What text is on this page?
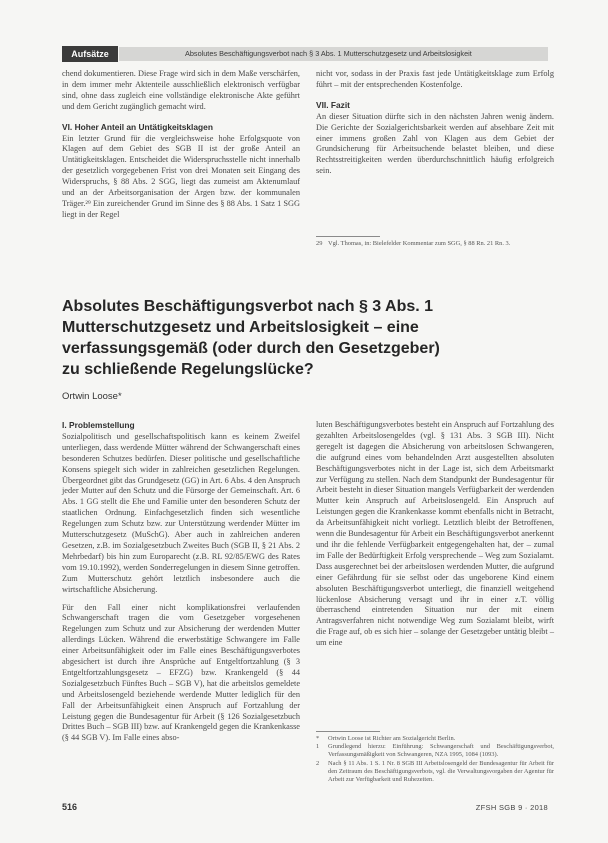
Aufsätze	Absolutes Beschäftigungsverbot nach § 3 Abs. 1 Mutterschutzgesetz und Arbeitslosigkeit

chend dokumentieren. Diese Frage wird sich in dem Maße verschärfen, in dem immer mehr Aktenteile ausschließlich elektronisch verfügbar sind, ohne dass zugleich eine vollständige elektronische Akte geführt und dem Gericht zugänglich gemacht wird.

VI. Hoher Anteil an Untätigkeitsklagen

Ein letzter Grund für die vergleichsweise hohe Erfolgsquote von Klagen auf dem Gebiet des SGB II ist der große Anteil an Untätigkeitsklagen. Entscheidet die Widerspruchsstelle nicht innerhalb der gesetzlich vorgegebenen Frist von drei Monaten seit Eingang des Widerspruchs, § 88 Abs. 2 SGG, liegt das zumeist am Aktenumlauf und an der Arbeitsorganisation der Argen bzw. der kommunalen Träger.²⁹ Ein zureichender Grund im Sinne des § 88 Abs. 1 Satz 1 SGG liegt in der Regel

nicht vor, sodass in der Praxis fast jede Untätigkeitsklage zum Erfolg führt – mit der entsprechenden Kostenfolge.

VII. Fazit

An dieser Situation dürfte sich in den nächsten Jahren wenig ändern. Die Gerichte der Sozialgerichtsbarkeit werden auf absehbare Zeit mit einer immens großen Zahl von Klagen aus dem Gebiet der Grundsicherung für Arbeitsuchende belastet bleiben, und diese Rechtsstreitigkeiten werden überdurchschnittlich häufig erfolgreich sein.

29 Vgl. Thomas, in: Bielefelder Kommentar zum SGG, § 88 Rn. 21 Rn. 3.
Absolutes Beschäftigungsverbot nach § 3 Abs. 1
Mutterschutzgesetz und Arbeitslosigkeit – eine
verfassungsgemäß (oder durch den Gesetzgeber)
zu schließende Regelungslücke?
Ortwin Loose*
I. Problemstellung

Sozialpolitisch und gesellschaftspolitisch kann es keinem Zweifel unterliegen, dass werdende Mütter während der Schwangerschaft eines besonderen Schutzes bedürfen. Dieser politische und gesellschaftliche Konsens spiegelt sich wider in zahlreichen gesetzlichen Regelungen. Übergeordnet gibt das Grundgesetz (GG) in Art. 6 Abs. 4 den Anspruch jeder Mutter auf den Schutz und die Fürsorge der Gemeinschaft. Art. 6 Abs. 1 GG stellt die Ehe und Familie unter den besonderen Schutz der staatlichen Ordnung. Einfachgesetzlich finden sich wesentliche Regelungen zum Schutz bzw. zur Unterstützung werdender Mütter im Mutterschutzgesetz (MuSchG). Aber auch in zahlreichen anderen Gesetzen, z.B. im Sozialgesetzbuch Zweites Buch (SGB II, § 21 Abs. 2 Mehrbedarf) bis hin zum Europarecht (z.B. RL 92/85/EWG des Rates vom 19.10.1992), werden Sonderregelungen in diesem Sinne getroffen. Zum Mutterschutz gehört letztlich insbesondere auch die wirtschaftliche Absicherung.

Für den Fall einer nicht komplikationsfrei verlaufenden Schwangerschaft tragen die vom Gesetzgeber vorgesehenen Regelungen zum Schutz und zur Absicherung der werdenden Mutter allerdings Lücken. Während die erwerbstätige Schwangere im Falle einer Arbeitsunfähigkeit oder im Falle eines Beschäftigungsverbotes abgesichert ist durch ihre Ansprüche auf Entgeltfortzahlung (§ 3 Entgeltfortzahlungsgesetz – EFZG) bzw. Krankengeld (§ 44 Sozialgesetzbuch Fünftes Buch – SGB V), hat die arbeitslos gemeldete und Arbeitslosengeld beziehende werdende Mutter lediglich für den Fall der Arbeitsunfähigkeit einen Anspruch auf Fortzahlung der Leistung gegen die Bundesagentur für Arbeit (§ 126 Sozialgesetzbuch Drittes Buch – SGB III) bzw. auf Krankengeld gegen die Krankenkasse (§ 44 SGB V). Im Falle eines abso-

luten Beschäftigungsverbotes besteht ein Anspruch auf Fortzahlung des gezahlten Arbeitslosengeldes (vgl. § 131 Abs. 3 SGB III). Nicht geregelt ist dagegen die Absicherung von arbeitslosen Schwangeren, die aufgrund eines vom behandelnden Arzt ausgestellten absoluten Beschäftigungsverbotes nicht in der Lage ist, sich dem Arbeitsmarkt zur Verfügung zu stellen. Nach dem Standpunkt der Bundesagentur für Arbeit besteht in dieser Situation mangels Verfügbarkeit der werdenden Mutter kein Anspruch auf Arbeitslosengeld. Ein Anspruch auf Leistungen gegen die Krankenkasse kommt ebenfalls nicht in Betracht, da Arbeitsunfähigkeit nicht vorliegt. Letztlich bleibt der Betroffenen, wenn die Bundesagentur für Arbeit ein Beschäftigungsverbot anerkennt und ihr die fehlende Verfügbarkeit entgegengehalten hat, der – zumal im Falle der Bedürftigkeit Erfolg versprechende – Weg zum Sozialamt. Dass ausgerechnet bei der arbeitslosen werdenden Mutter, die aufgrund einer Gefährdung für sie selbst oder das ungeborene Kind einem absoluten Beschäftigungsverbot unterliegt, die finanziell weitgehend lückenlose Absicherung versagt und ihr in einer z.T. völlig überraschend eintretenden Situation nur der mit einem Antragsverfahren nicht notwendige Weg zum Sozialamt bleibt, wirft die Frage auf, ob es sich hier – solange der Gesetzgeber untätig bleibt – um eine

*	Ortwin Loose ist Richter am Sozialgericht Berlin.
1	Grundlegend hierzu: Einführung: Schwangerschaft und Beschäftigungsverbot, Verfassungsmäßigkeit von Schwangeren, NZA 1995, 1084 (1093).
2	Nach § 11 Abs. 1 S. 1 Nr. 8 SGB III Arbeitslosengeld der Bundesagentur für Arbeit für den Zeitraum des Beschäftigungsverbots, vgl. die Verwaltungsvorgaben der Agentur für Arbeit zur Verfügbarkeit und Ruhezeiten.
516	ZFSH SGB 9 · 2018
